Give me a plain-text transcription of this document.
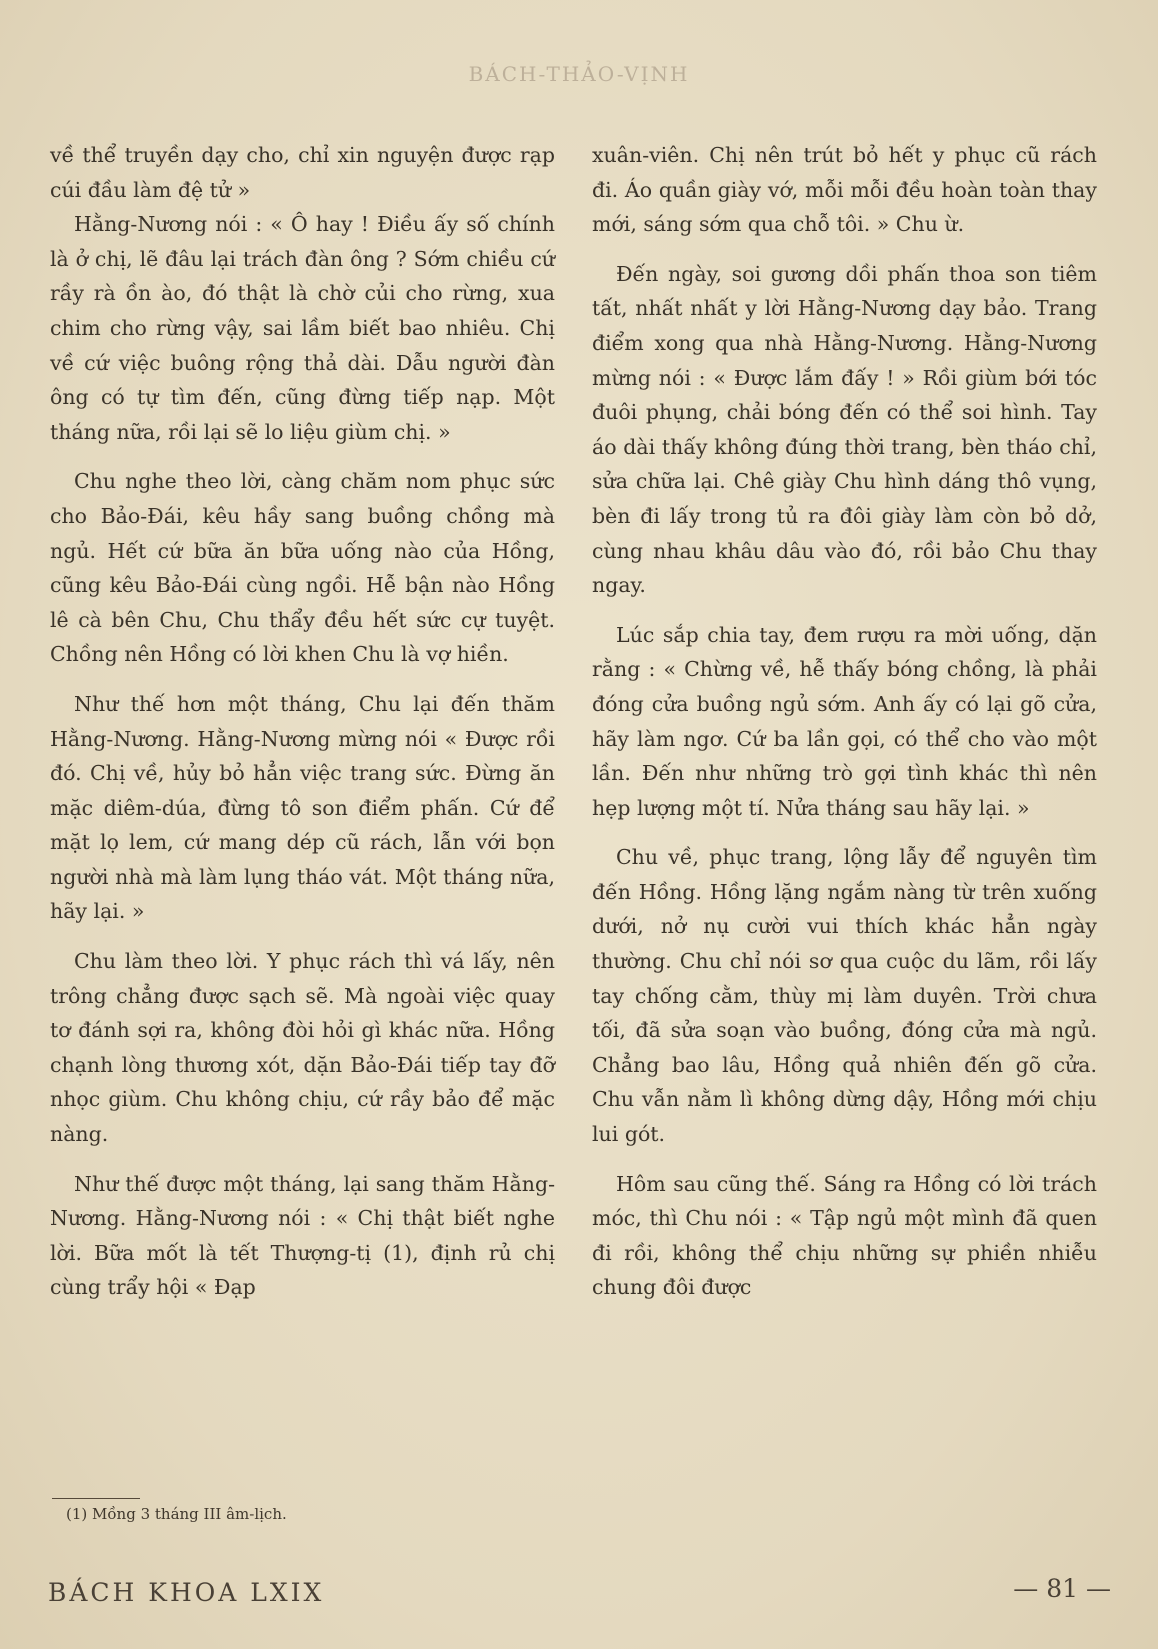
BÁCH-THẢO-VỊNH

về thể truyền dạy cho, chỉ xin nguyện được rạp cúi đầu làm đệ tử »

Hằng-Nương nói : « Ô hay ! Điều ấy số chính là ở chị, lẽ đâu lại trách đàn ông ? Sớm chiều cứ rầy rà ồn ào, đó thật là chờ củi cho rừng, xua chim cho rừng vậy, sai lầm biết bao nhiêu. Chị về cứ việc buông rộng thả dài. Dẫu người đàn ông có tự tìm đến, cũng đừng tiếp nạp. Một tháng nữa, rồi lại sẽ lo liệu giùm chị. »

Chu nghe theo lời, càng chăm nom phục sức cho Bảo-Đái, kêu hầy sang buồng chồng mà ngủ. Hết cứ bữa ăn bữa uống nào của Hồng, cũng kêu Bảo-Đái cùng ngồi. Hễ bận nào Hồng lê cà bên Chu, Chu thẩy đều hết sức cự tuyệt. Chồng nên Hồng có lời khen Chu là vợ hiền.

Như thế hơn một tháng, Chu lại đến thăm Hằng-Nương. Hằng-Nương mừng nói « Được rồi đó. Chị về, hủy bỏ hẳn việc trang sức. Đừng ăn mặc diêm-dúa, đừng tô son điểm phấn. Cứ để mặt lọ lem, cứ mang dép cũ rách, lẫn với bọn người nhà mà làm lụng tháo vát. Một tháng nữa, hãy lại. »

Chu làm theo lời. Y phục rách thì vá lấy, nên trông chẳng được sạch sẽ. Mà ngoài việc quay tơ đánh sợi ra, không đòi hỏi gì khác nữa. Hồng chạnh lòng thương xót, dặn Bảo-Đái tiếp tay đỡ nhọc giùm. Chu không chịu, cứ rầy bảo để mặc nàng.

Như thế được một tháng, lại sang thăm Hằng-Nương. Hằng-Nương nói : « Chị thật biết nghe lời. Bữa mốt là tết Thượng-tị (1), định rủ chị cùng trẩy hội « Đạp

xuân-viên. Chị nên trút bỏ hết y phục cũ rách đi. Áo quần giày vớ, mỗi mỗi đều hoàn toàn thay mới, sáng sớm qua chỗ tôi. » Chu ừ.

Đến ngày, soi gương dồi phấn thoa son tiêm tất, nhất nhất y lời Hằng-Nương dạy bảo. Trang điểm xong qua nhà Hằng-Nương. Hằng-Nương mừng nói : « Được lắm đấy ! » Rồi giùm bới tóc đuôi phụng, chải bóng đến có thể soi hình. Tay áo dài thấy không đúng thời trang, bèn tháo chỉ, sửa chữa lại. Chê giày Chu hình dáng thô vụng, bèn đi lấy trong tủ ra đôi giày làm còn bỏ dở, cùng nhau khâu dâu vào đó, rồi bảo Chu thay ngay.

Lúc sắp chia tay, đem rượu ra mời uống, dặn rằng : « Chừng về, hễ thấy bóng chồng, là phải đóng cửa buồng ngủ sớm. Anh ấy có lại gõ cửa, hãy làm ngơ. Cứ ba lần gọi, có thể cho vào một lần. Đến như những trò gợi tình khác thì nên hẹp lượng một tí. Nửa tháng sau hãy lại. »

Chu về, phục trang, lộng lẫy để nguyên tìm đến Hồng. Hồng lặng ngắm nàng từ trên xuống dưới, nở nụ cười vui thích khác hẳn ngày thường. Chu chỉ nói sơ qua cuộc du lãm, rồi lấy tay chống cằm, thùy mị làm duyên. Trời chưa tối, đã sửa soạn vào buồng, đóng cửa mà ngủ. Chẳng bao lâu, Hồng quả nhiên đến gõ cửa. Chu vẫn nằm lì không dừng dậy, Hồng mới chịu lui gót.

Hôm sau cũng thế. Sáng ra Hồng có lời trách móc, thì Chu nói : « Tập ngủ một mình đã quen đi rồi, không thể chịu những sự phiền nhiễu chung đôi được

(1) Mồng 3 tháng III âm-lịch.
BÁCH KHOA LXIX	— 81 —
